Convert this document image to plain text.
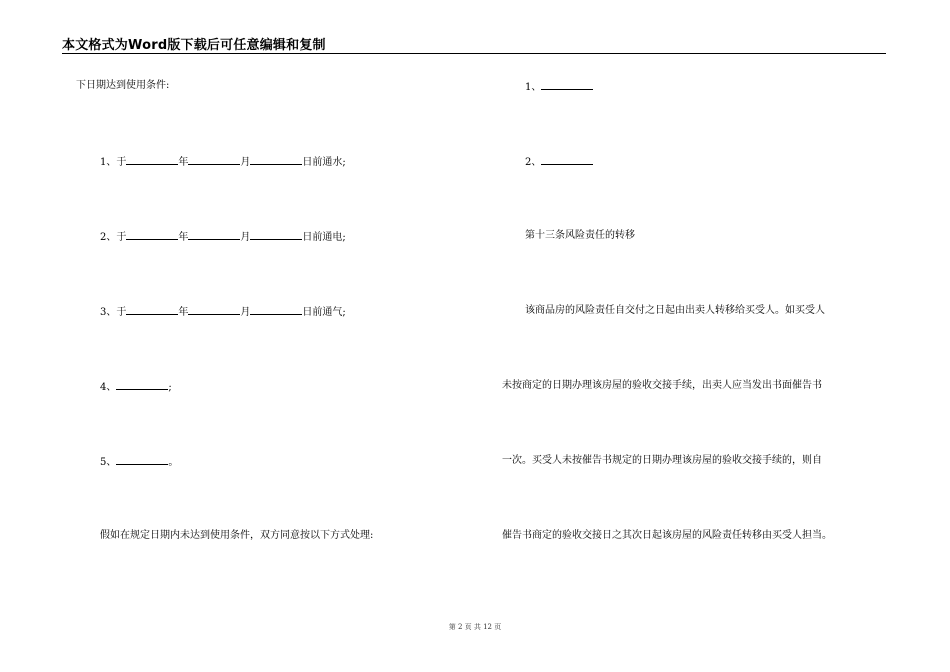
本文格式为Word版下载后可任意编辑和复制
下日期达到使用条件:
1、于	年	月	日前通水;
2、于	年	月	日前通电;
3、于	年	月	日前通气;
4、	;
5、	。
假如在规定日期内未达到使用条件，双方同意按以下方式处理:
1、
2、
第十三条风险责任的转移
该商品房的风险责任自交付之日起由出卖人转移给买受人。如买受人
未按商定的日期办理该房屋的验收交接手续，出卖人应当发出书面催告书
一次。买受人未按催告书规定的日期办理该房屋的验收交接手续的，则自
催告书商定的验收交接日之其次日起该房屋的风险责任转移由买受人担当。
第 2 页 共 12 页
